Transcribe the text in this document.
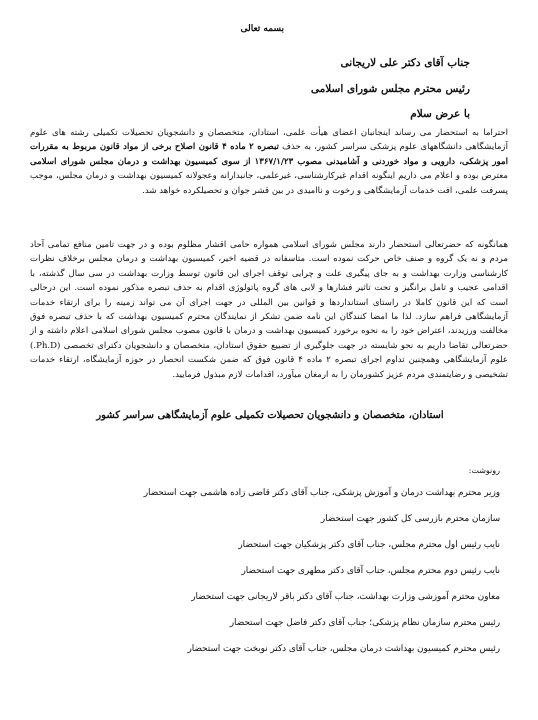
بسمه تعالی
جناب آقای دکتر علی لاریجانی
رئیس محترم مجلس شورای اسلامی
با عرض سلام
احتراما به استحضار می رساند اینجانبان اعضای هیأت علمی، استادان، متخصصان و دانشجویان تحصیلات تکمیلی رشته های علوم آزمایشگاهی دانشگاههای علوم پزشکی سراسر کشور، به حذف تبصره ۲ ماده ۴ قانون اصلاح برخی از مواد قانون مربوط به مقررات امور پزشکی، دارویی و مواد خوردنی و آشامیدنی مصوب ۱۳۶۷/۱/۲۳ از سوی کمیسیون بهداشت و درمان مجلس شورای اسلامی معترض بوده و اعلام می داریم اینگونه اقدام غیرکارشناسی، غیرعلمی، جانبدارانه وعجولانه کمیسیون بهداشت و درمان مجلس، موجب پسرفت علمی، افت خدمات آزمایشگاهی و رخوت و ناامیدی در بین قشر جوان و تحصیلکرده خواهد شد.
همانگونه که حضرتعالی استحضار دارند مجلس شورای اسلامی همواره حامی اقشار مظلوم بوده و در جهت تامین منافع تمامی آحاد مردم و نه یک گروه و صنف خاص حرکت نموده است. متاسفانه در قضیه اخیر، کمیسیون بهداشت و درمان مجلس برخلاف نظرات کارشناسی وزارت بهداشت و به جای پیگیری علت و چرایی توقف اجرای این قانون توسط وزارت بهداشت در سی سال گذشته، با اقدامی عجیب و تامل برانگیز و تحت تاثیر فشارها و لابی های گروه پاتولوژی اقدام به حذف تبصره مذکور نموده است. این درحالی است که این قانون کاملا در راستای استانداردها و قوانین بین المللی در جهت اجرای آن می تواند زمینه را برای ارتقاء خدمات آزمایشگاهی فراهم سازد. لذا ما امضا کنندگان این نامه ضمن تشکر از نمایندگان محترم کمیسیون بهداشت که با حذف تبصره فوق مخالفت ورزیدند، اعتراض خود را به نحوه برخورد کمیسیون بهداشت و درمان با قانون مصوب مجلس شورای اسلامی اعلام داشته و از حضرتعالی تقاضا داریم به نحو شایسته در جهت جلوگیری از تضییع حقوق استادان، متخصصان و دانشجویان دکترای تخصصی (Ph.D.) علوم آزمایشگاهی وهمچنین تداوم اجرای تبصره ۲ ماده ۴ قانون فوق که ضمن شکست انحصار در حوزه آزمایشگاه، ارتقاء خدمات تشخیصی و رضایتمندی مردم عزیز کشورمان را به ارمغان میآورد، اقدامات لازم مبذول فرمایید.
استادان، متخصصان و دانشجویان تحصیلات تکمیلی علوم آزمایشگاهی سراسر کشور
رونوشت:
وزیر محترم بهداشت درمان و آموزش پزشکی، جناب آقای دکتر قاضی زاده هاشمی جهت استحضار
سازمان محترم بازرسی کل کشور جهت استحضار
نایب رئیس اول محترم مجلس، جناب آقای دکتر پزشکیان جهت استحضار
نایب رئیس دوم محترم مجلس، جناب آقای دکتر مطهری جهت استحضار
معاون محترم آموزشی وزارت بهداشت، جناب آقای دکتر باقر لاریجانی جهت استحضار
رئیس محترم سازمان نظام پزشکی؛ جناب آقای دکتر فاضل جهت استحضار
رئیس محترم کمیسیون بهداشت درمان مجلس، جناب آقای دکتر نوبخت جهت استحضار
